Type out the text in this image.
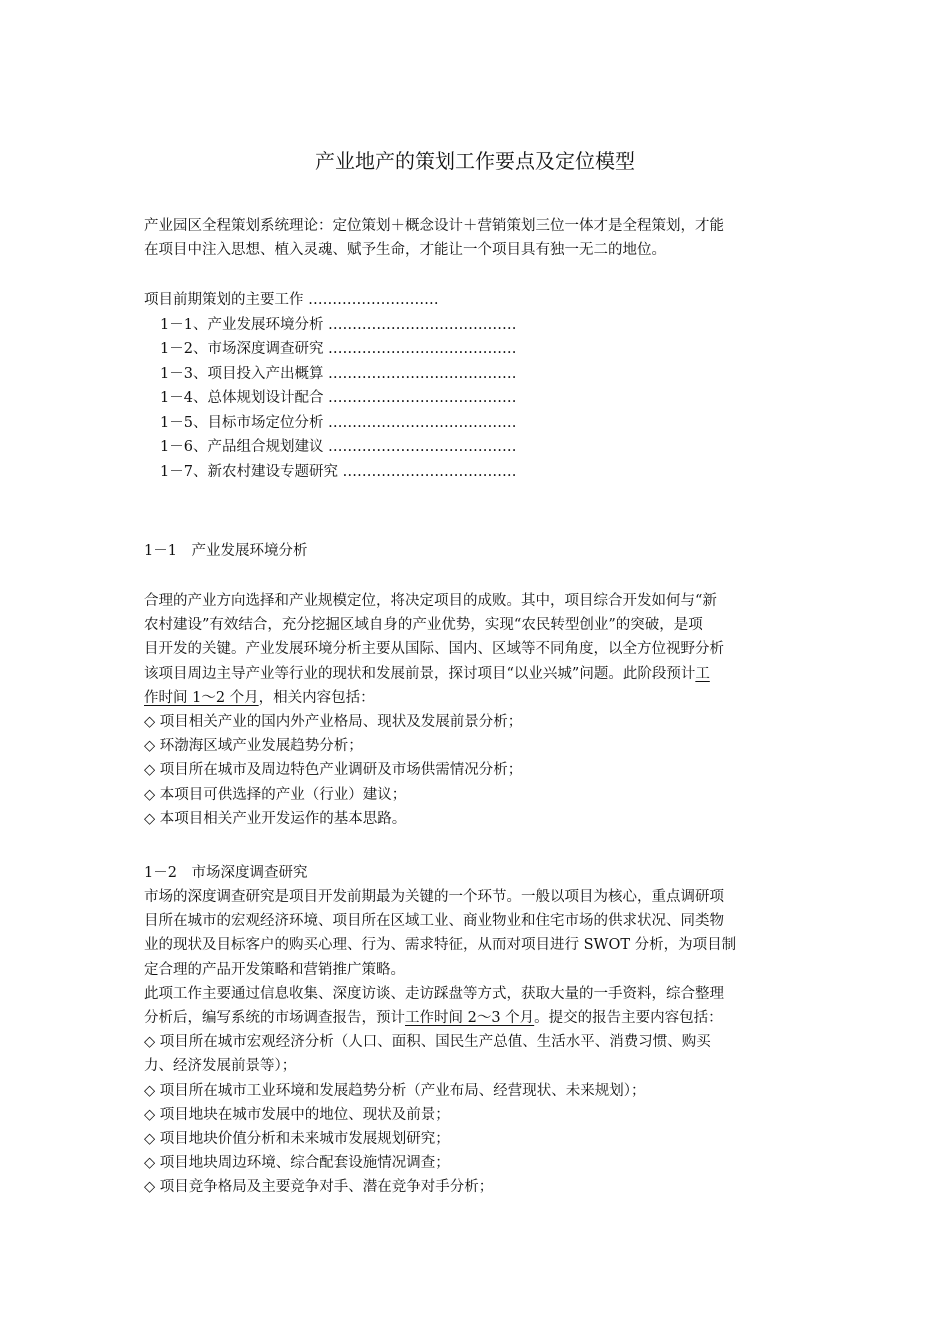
产业地产的策划工作要点及定位模型

产业园区全程策划系统理论：定位策划＋概念设计＋营销策划三位一体才是全程策划，才能

在项目中注入思想、植入灵魂、赋予生命，才能让一个项目具有独一无二的地位。

项目前期策划的主要工作 ………………………
1－1、产业发展环境分析 …………………………………
1－2、市场深度调查研究 …………………………………
1－3、项目投入产出概算 …………………………………
1－4、总体规划设计配合 …………………………………
1－5、目标市场定位分析 …………………………………
1－6、产品组合规划建议 …………………………………
1－7、新农村建设专题研究 ………………………………
1－1　产业发展环境分析

合理的产业方向选择和产业规模定位，将决定项目的成败。其中，项目综合开发如何与“新

农村建设”有效结合，充分挖掘区域自身的产业优势，实现“农民转型创业”的突破，是项

目开发的关键。产业发展环境分析主要从国际、国内、区域等不同角度，以全方位视野分析

该项目周边主导产业等行业的现状和发展前景，探讨项目“以业兴城”问题。此阶段预计工

作时间 1～2 个月，相关内容包括：

◇ 项目相关产业的国内外产业格局、现状及发展前景分析；
◇ 环渤海区域产业发展趋势分析；
◇ 项目所在城市及周边特色产业调研及市场供需情况分析；
◇ 本项目可供选择的产业（行业）建议；
◇ 本项目相关产业开发运作的基本思路。
1－2　市场深度调查研究

市场的深度调查研究是项目开发前期最为关键的一个环节。一般以项目为核心，重点调研项

目所在城市的宏观经济环境、项目所在区域工业、商业物业和住宅市场的供求状况、同类物

业的现状及目标客户的购买心理、行为、需求特征，从而对项目进行 SWOT 分析，为项目制

定合理的产品开发策略和营销推广策略。

此项工作主要通过信息收集、深度访谈、走访踩盘等方式，获取大量的一手资料，综合整理

分析后，编写系统的市场调查报告，预计工作时间 2～3 个月。提交的报告主要内容包括：

◇ 项目所在城市宏观经济分析（人口、面积、国民生产总值、生活水平、消费习惯、购买
力、经济发展前景等）；
◇ 项目所在城市工业环境和发展趋势分析（产业布局、经营现状、未来规划）；
◇ 项目地块在城市发展中的地位、现状及前景；
◇ 项目地块价值分析和未来城市发展规划研究；
◇ 项目地块周边环境、综合配套设施情况调查；
◇ 项目竞争格局及主要竞争对手、潜在竞争对手分析；
